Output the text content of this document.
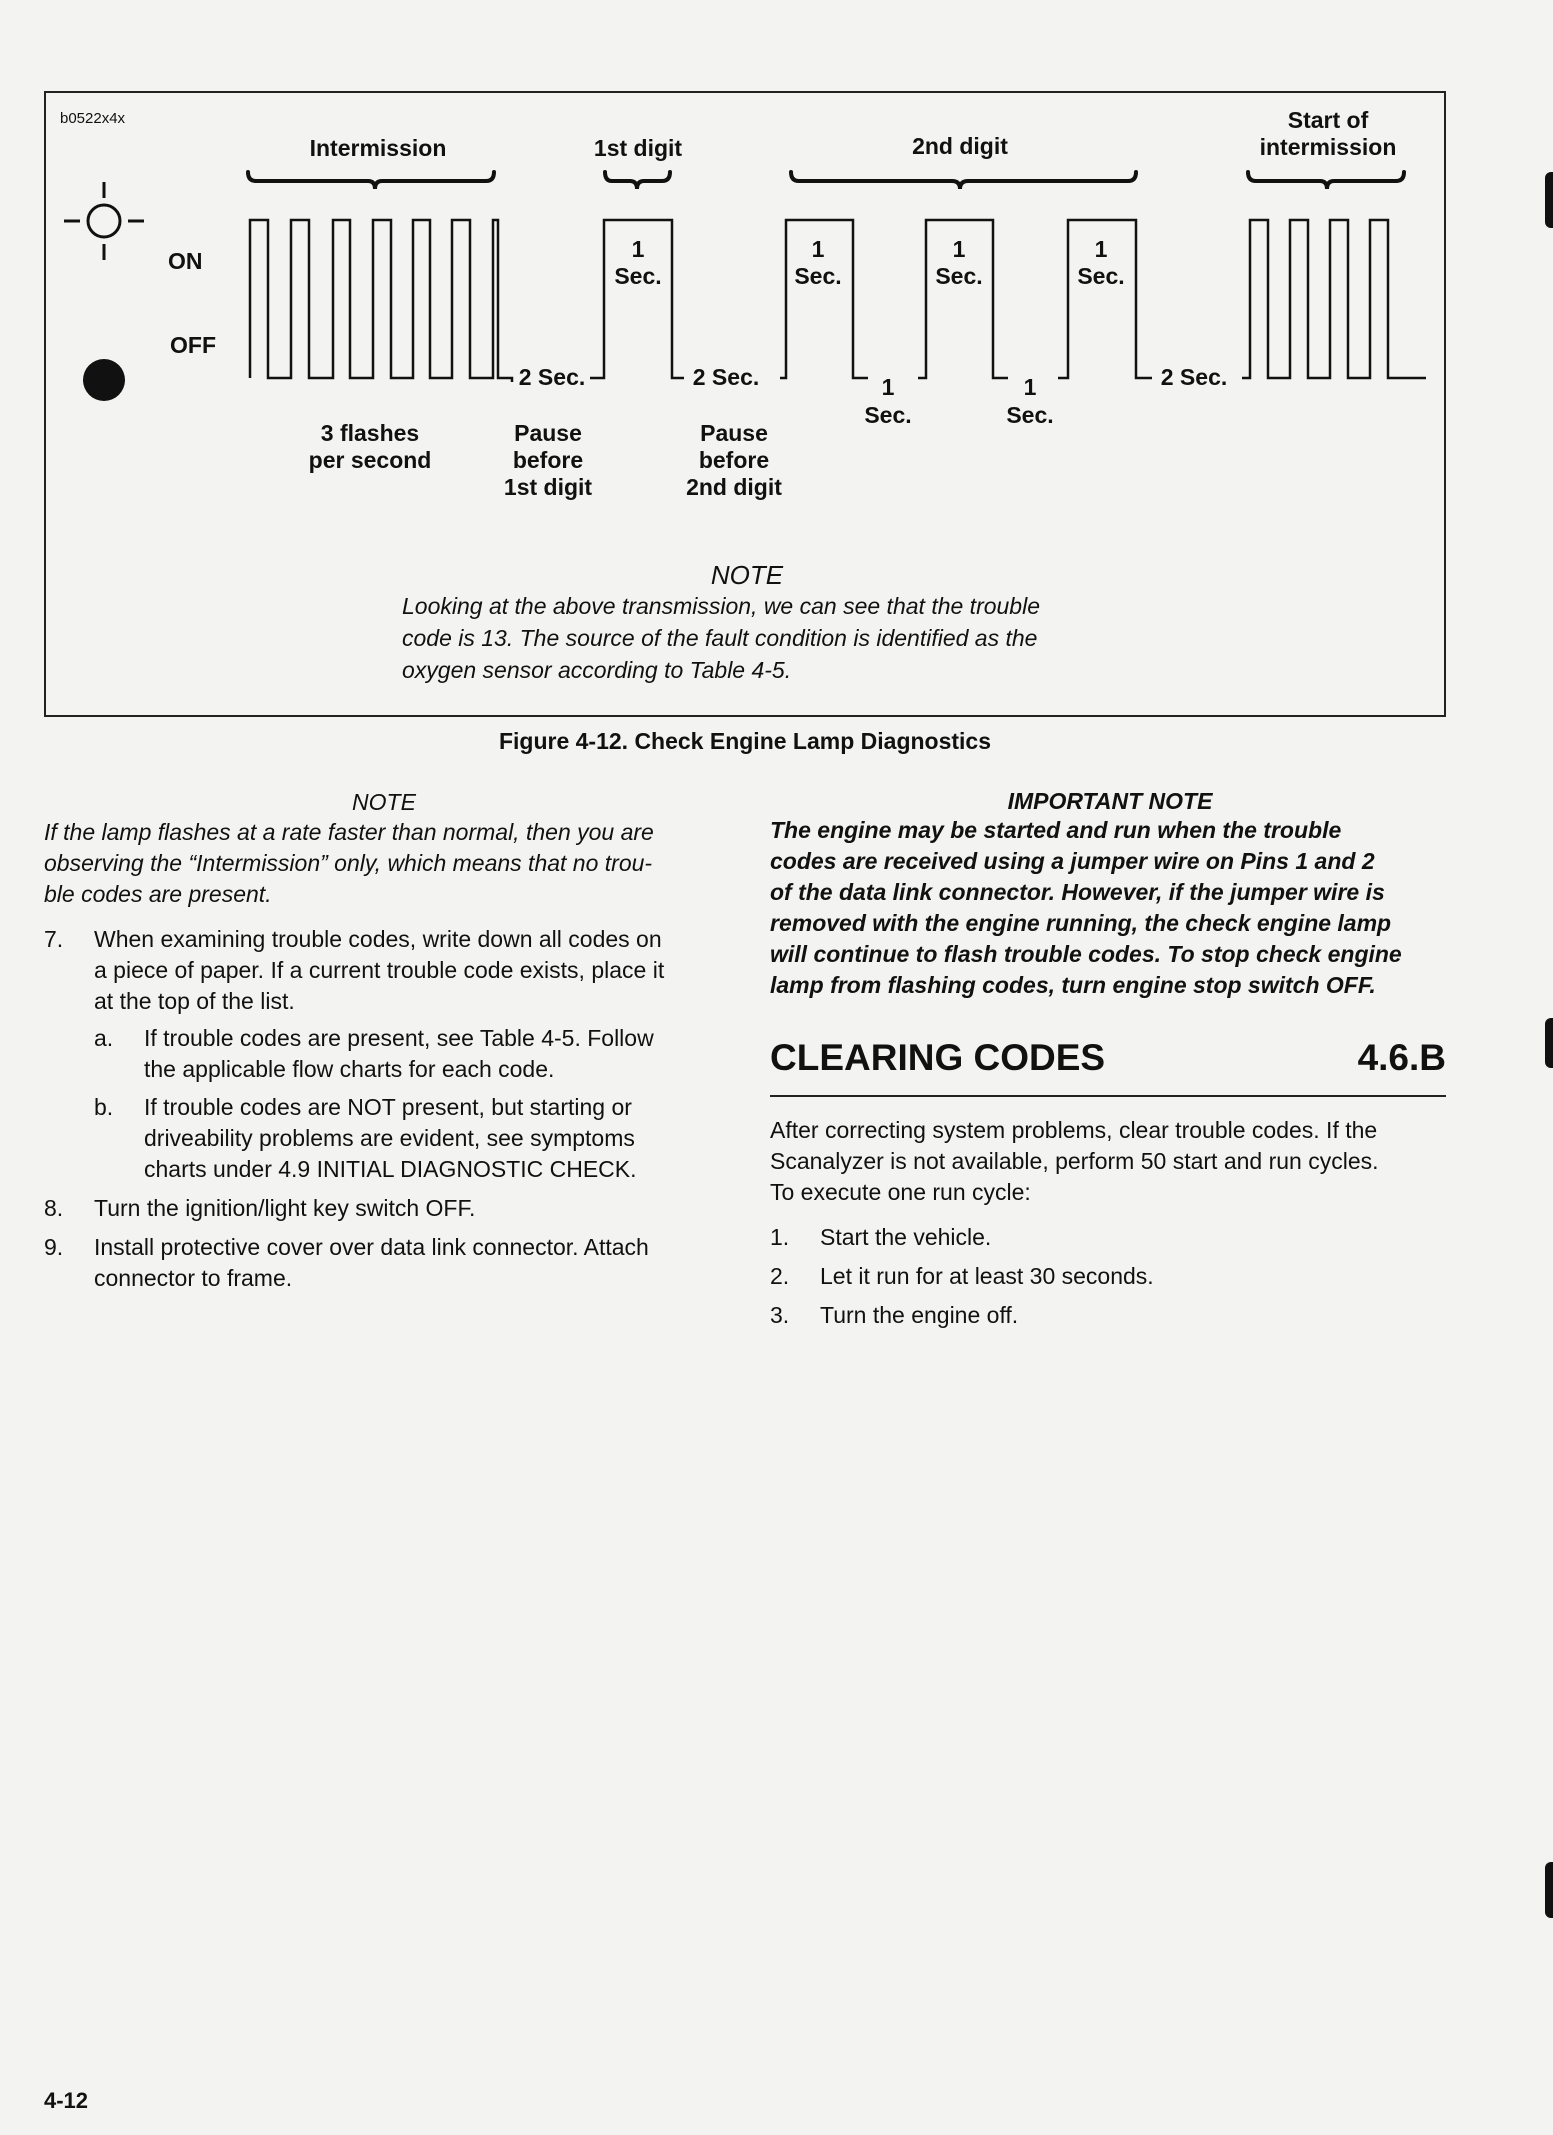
b0522x4x
Intermission	1st digit	2nd digit
Start of
intermission
ON
OFF
2 Sec.	2 Sec.	2 Sec.
1
Sec.
1
Sec.
1
Sec.
1
Sec.
1
Sec.
1
Sec.
3 flashes
per second
Pause
before
1st digit
Pause
before
2nd digit
NOTE
Looking at the above transmission, we can see that the trouble
code is 13. The source of the fault condition is identified as the
oxygen sensor according to Table 4-5.
Figure 4-12. Check Engine Lamp Diagnostics
NOTE
If the lamp flashes at a rate faster than normal, then you are
observing the “Intermission” only, which means that no trou-
ble codes are present.
7. When examining trouble codes, write down all codes on
a piece of paper. If a current trouble code exists, place it
at the top of the list.
a. If trouble codes are present, see Table 4-5. Follow
the applicable flow charts for each code.
b. If trouble codes are NOT present, but starting or
driveability problems are evident, see symptoms
charts under 4.9 INITIAL DIAGNOSTIC CHECK.
8. Turn the ignition/light key switch OFF.
9. Install protective cover over data link connector. Attach
connector to frame.
IMPORTANT NOTE
The engine may be started and run when the trouble
codes are received using a jumper wire on Pins 1 and 2
of the data link connector. However, if the jumper wire is
removed with the engine running, the check engine lamp
will continue to flash trouble codes. To stop check engine
lamp from flashing codes, turn engine stop switch OFF.
CLEARING CODES	4.6.B
After correcting system problems, clear trouble codes. If the
Scanalyzer is not available, perform 50 start and run cycles.
To execute one run cycle:
1. Start the vehicle.
2. Let it run for at least 30 seconds.
3. Turn the engine off.
4-12
